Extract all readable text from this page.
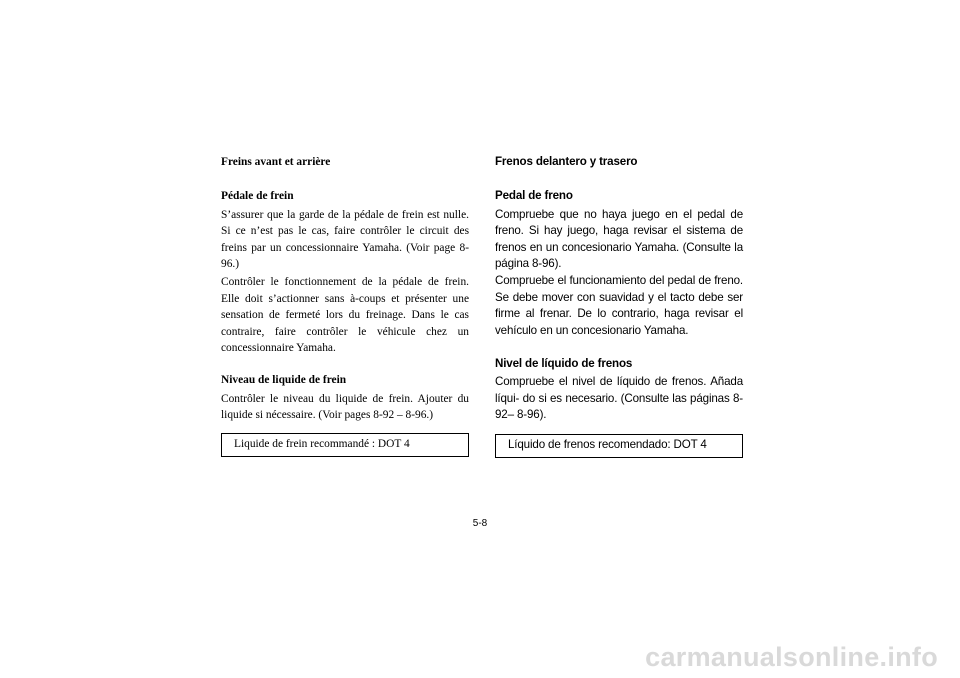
Freins avant et arrière
Pédale de frein

S’assurer que la garde de la pédale de frein est nulle. Si ce n’est pas le cas, faire contrôler le circuit des freins par un concessionnaire Yamaha. (Voir page 8-96.)

Contrôler le fonctionnement de la pédale de frein. Elle doit s’actionner sans à-coups et présenter une sensation de fermeté lors du freinage. Dans le cas contraire, faire contrôler le véhicule chez un concessionnaire Yamaha.

Niveau de liquide de frein

Contrôler le niveau du liquide de frein. Ajouter du liquide si nécessaire. (Voir pages 8-92 – 8-96.)

Liquide de frein recommandé : DOT 4
Frenos delantero y trasero
Pedal de freno

Compruebe que no haya juego en el pedal de freno. Si hay juego, haga revisar el sistema de frenos en un concesionario Yamaha. (Consulte la página 8-96).

Compruebe el funcionamiento del pedal de freno. Se debe mover con suavidad y el tacto debe ser firme al frenar. De lo contrario, haga revisar el vehículo en un concesionario Yamaha.

Nivel de líquido de frenos

Compruebe el nivel de líquido de frenos. Añada líqui- do si es necesario. (Consulte las páginas 8-92– 8-96).

Líquido de frenos recomendado: DOT 4
5-8
carmanualsonline.info
